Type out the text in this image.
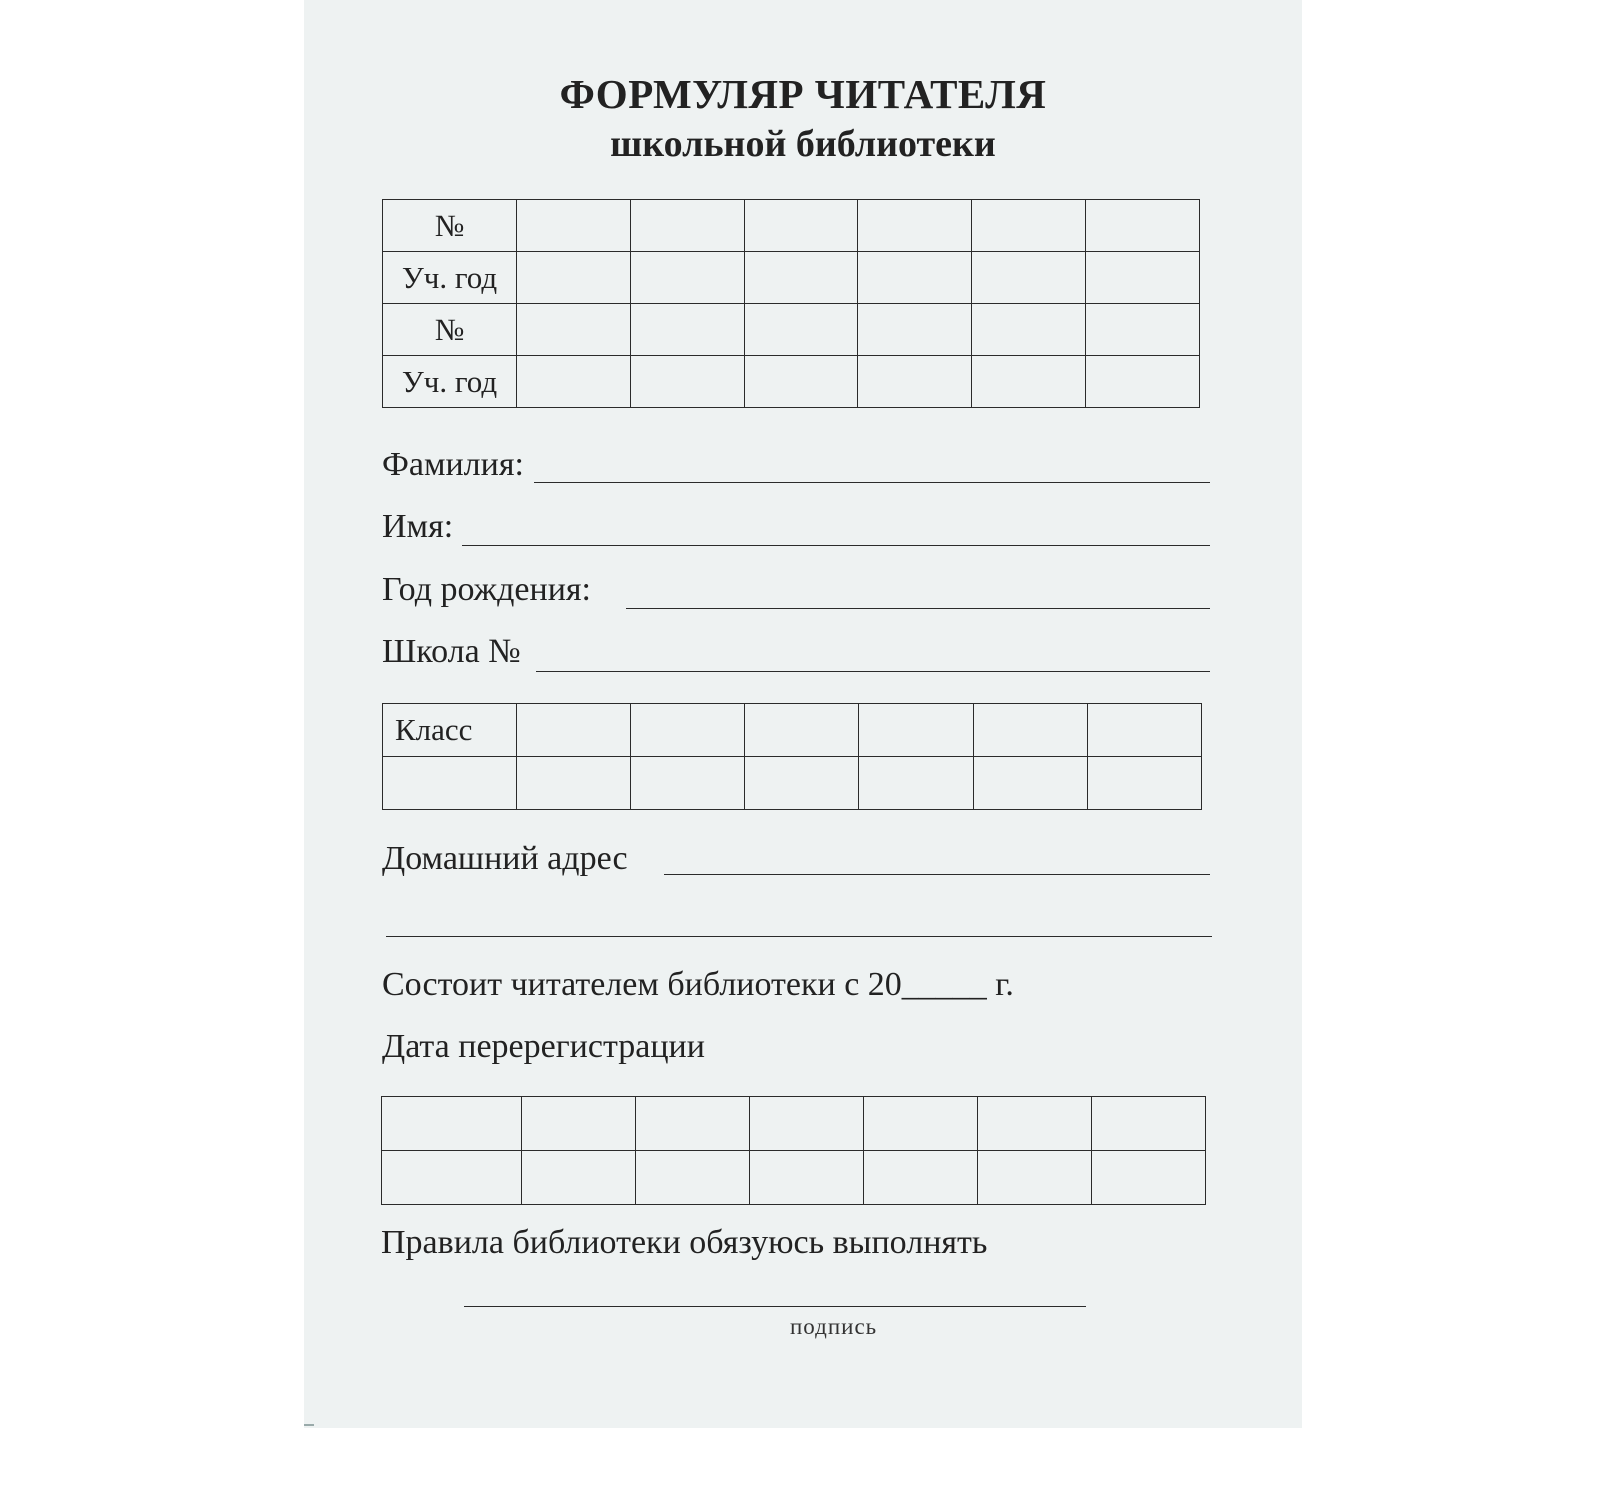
ФОРМУЛЯР ЧИТАТЕЛЯ
школьной библиотеки
№						
Уч. год						
№						
Уч. год						
Фамилия:
Имя:
Год рождения:
Школа №
Класс						

Домашний адрес
Состоит читателем библиотеки с 20_____ г.
Дата перерегистрации

Правила библиотеки обязуюсь выполнять
подпись
